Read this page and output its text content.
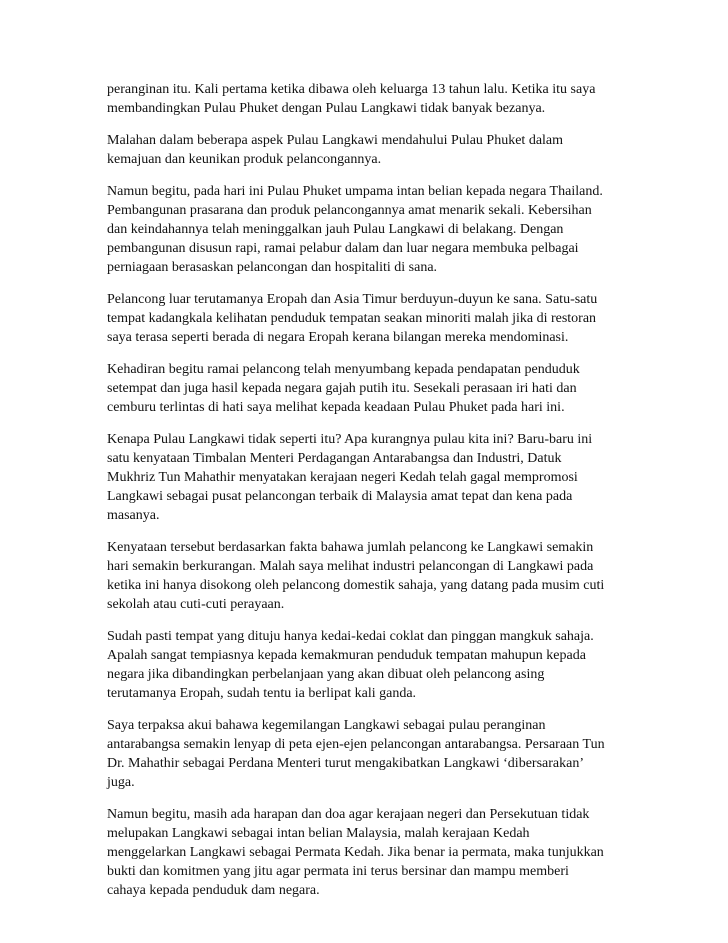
peranginan itu. Kali pertama ketika dibawa oleh keluarga 13 tahun lalu. Ketika itu saya
membandingkan Pulau Phuket dengan Pulau Langkawi tidak banyak bezanya.

Malahan dalam beberapa aspek Pulau Langkawi mendahului Pulau Phuket dalam
kemajuan dan keunikan produk pelancongannya.

Namun begitu, pada hari ini Pulau Phuket umpama intan belian kepada negara Thailand.
Pembangunan prasarana dan produk pelancongannya amat menarik sekali. Kebersihan
dan keindahannya telah meninggalkan jauh Pulau Langkawi di belakang. Dengan
pembangunan disusun rapi, ramai pelabur dalam dan luar negara membuka pelbagai
perniagaan berasaskan pelancongan dan hospitaliti di sana.

Pelancong luar terutamanya Eropah dan Asia Timur berduyun-duyun ke sana. Satu-satu
tempat kadangkala kelihatan penduduk tempatan seakan minoriti malah jika di restoran
saya terasa seperti berada di negara Eropah kerana bilangan mereka mendominasi.

Kehadiran begitu ramai pelancong telah menyumbang kepada pendapatan penduduk
setempat dan juga hasil kepada negara gajah putih itu. Sesekali perasaan iri hati dan
cemburu terlintas di hati saya melihat kepada keadaan Pulau Phuket pada hari ini.

Kenapa Pulau Langkawi tidak seperti itu? Apa kurangnya pulau kita ini? Baru-baru ini
satu kenyataan Timbalan Menteri Perdagangan Antarabangsa dan Industri, Datuk
Mukhriz Tun Mahathir menyatakan kerajaan negeri Kedah telah gagal mempromosi
Langkawi sebagai pusat pelancongan terbaik di Malaysia amat tepat dan kena pada
masanya.

Kenyataan tersebut berdasarkan fakta bahawa jumlah pelancong ke Langkawi semakin
hari semakin berkurangan. Malah saya melihat industri pelancongan di Langkawi pada
ketika ini hanya disokong oleh pelancong domestik sahaja, yang datang pada musim cuti
sekolah atau cuti-cuti perayaan.

Sudah pasti tempat yang dituju hanya kedai-kedai coklat dan pinggan mangkuk sahaja.
Apalah sangat tempiasnya kepada kemakmuran penduduk tempatan mahupun kepada
negara jika dibandingkan perbelanjaan yang akan dibuat oleh pelancong asing
terutamanya Eropah, sudah tentu ia berlipat kali ganda.

Saya terpaksa akui bahawa kegemilangan Langkawi sebagai pulau peranginan
antarabangsa semakin lenyap di peta ejen-ejen pelancongan antarabangsa. Persaraan Tun
Dr. Mahathir sebagai Perdana Menteri turut mengakibatkan Langkawi ‘dibersarakan’
juga.

Namun begitu, masih ada harapan dan doa agar kerajaan negeri dan Persekutuan tidak
melupakan Langkawi sebagai intan belian Malaysia, malah kerajaan Kedah
menggelarkan Langkawi sebagai Permata Kedah. Jika benar ia permata, maka tunjukkan
bukti dan komitmen yang jitu agar permata ini terus bersinar dan mampu memberi
cahaya kepada penduduk dam negara.
